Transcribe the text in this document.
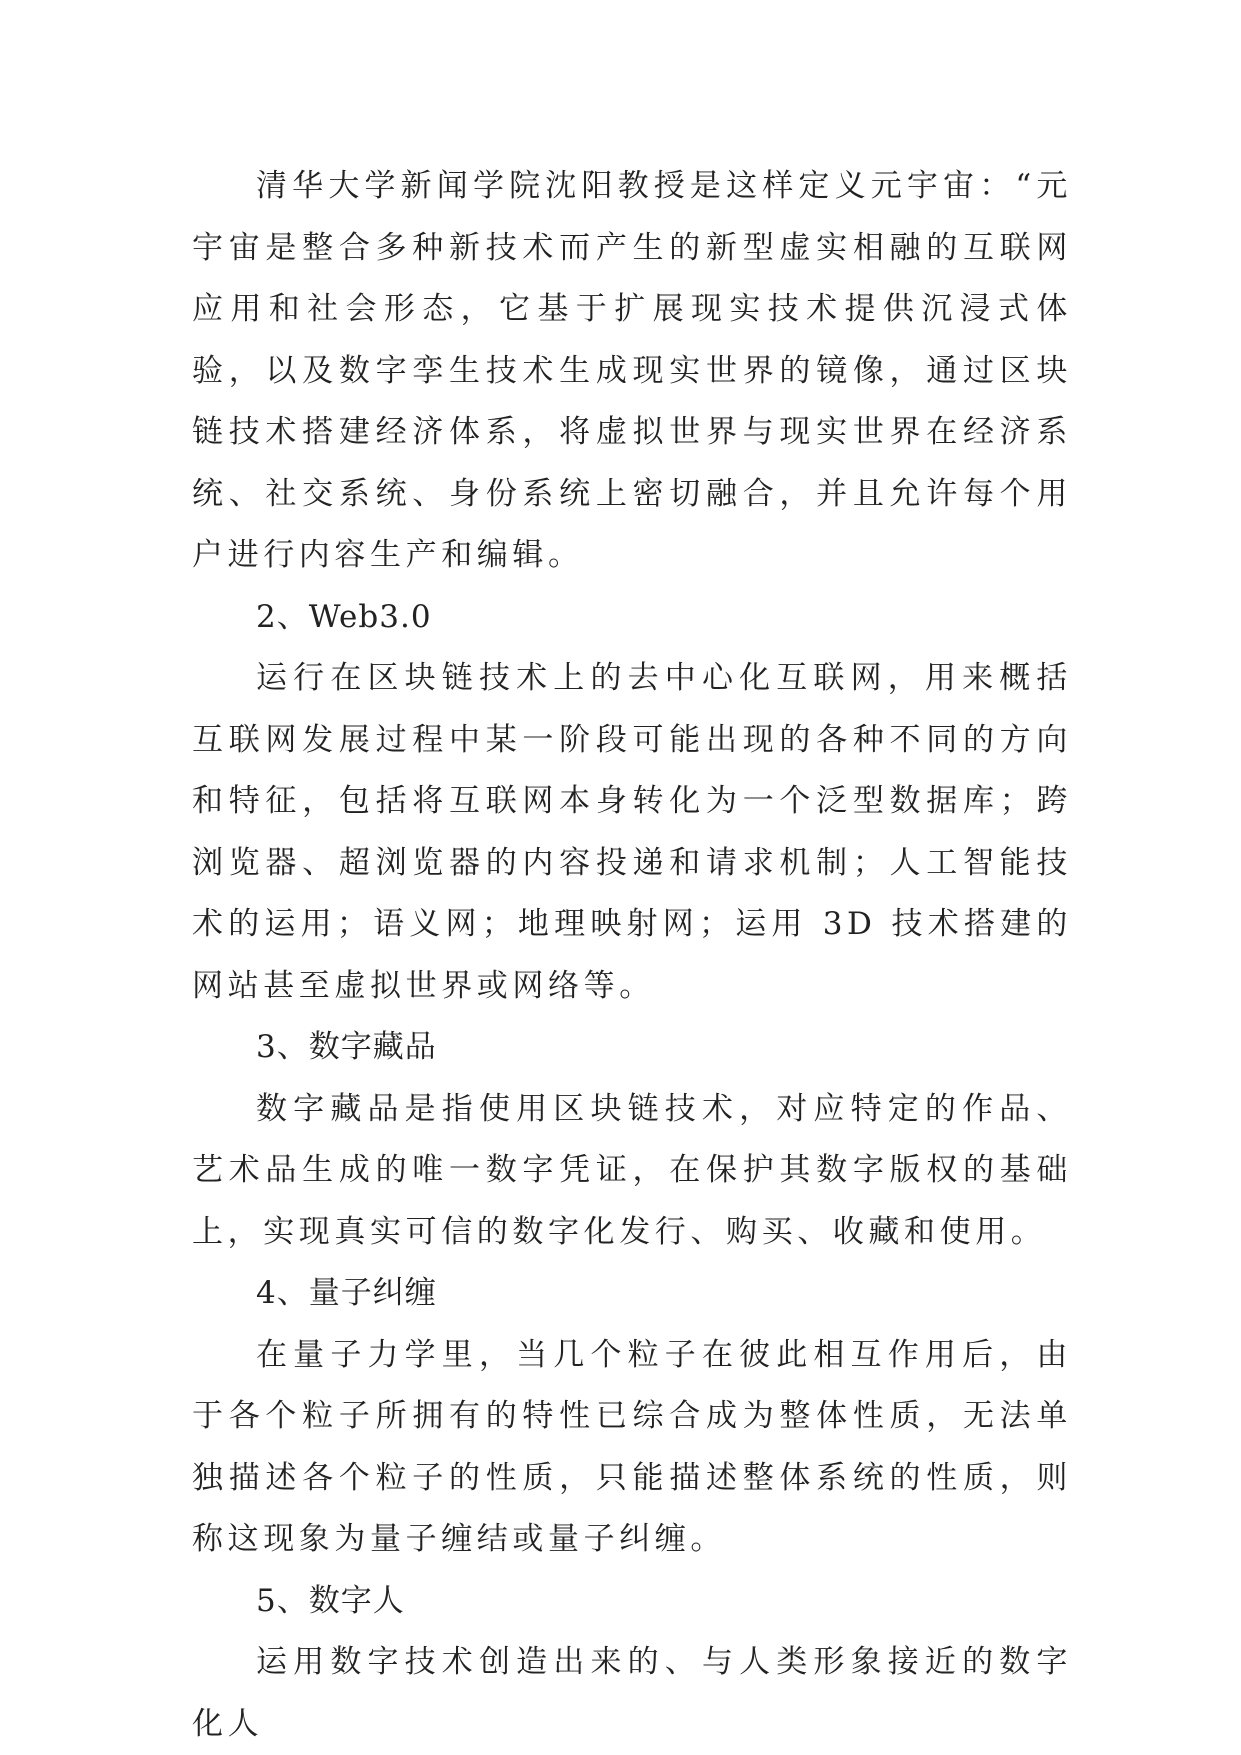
清华大学新闻学院沈阳教授是这样定义元宇宙：“元宇宙是整合多种新技术而产生的新型虚实相融的互联网应用和社会形态，它基于扩展现实技术提供沉浸式体验，以及数字孪生技术生成现实世界的镜像，通过区块链技术搭建经济体系，将虚拟世界与现实世界在经济系统、社交系统、身份系统上密切融合，并且允许每个用户进行内容生产和编辑。

2、Web3.0

运行在区块链技术上的去中心化互联网，用来概括互联网发展过程中某一阶段可能出现的各种不同的方向和特征，包括将互联网本身转化为一个泛型数据库；跨浏览器、超浏览器的内容投递和请求机制；人工智能技术的运用；语义网；地理映射网；运用 3D 技术搭建的网站甚至虚拟世界或网络等。

3、数字藏品

数字藏品是指使用区块链技术，对应特定的作品、艺术品生成的唯一数字凭证，在保护其数字版权的基础上，实现真实可信的数字化发行、购买、收藏和使用。

4、量子纠缠

在量子力学里，当几个粒子在彼此相互作用后，由于各个粒子所拥有的特性已综合成为整体性质，无法单独描述各个粒子的性质，只能描述整体系统的性质，则称这现象为量子缠结或量子纠缠。

5、数字人

运用数字技术创造出来的、与人类形象接近的数字化人
